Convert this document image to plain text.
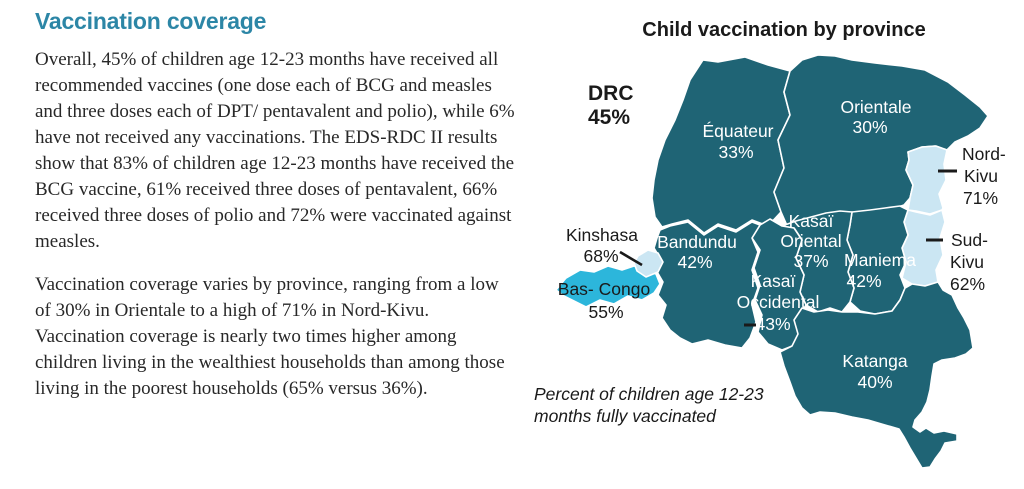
Vaccination coverage

Overall, 45% of children age 12-23 months have received all recommended vaccines (one dose each of BCG and measles and three doses each of DPT/ pentavalent and polio), while 6% have not received any vaccinations. The EDS-RDC II results show that 83% of children age 12-23 months have received the BCG vaccine, 61% received three doses of pentavalent, 66% received three doses of polio and 72% were vaccinated against measles.

Vaccination coverage varies by province, ranging from a low of 30% in Orientale to a high of 71% in Nord-Kivu. Vaccination coverage is nearly two times higher among children living in the wealthiest households than among those living in the poorest households (65% versus 36%).

Child vaccination by province
DRC
45%
Équateur
33%
Orientale
30%
Bandundu
42%
Kasaï
Oriental
37% Maniema
42%
Kasaï
Occidental
43%
Katanga
40%
Kinshasa
68%
Bas- Congo
55%
Nord-
Kivu
71%
Sud-
Kivu
62%
Percent of children age 12-23
months fully vaccinated
